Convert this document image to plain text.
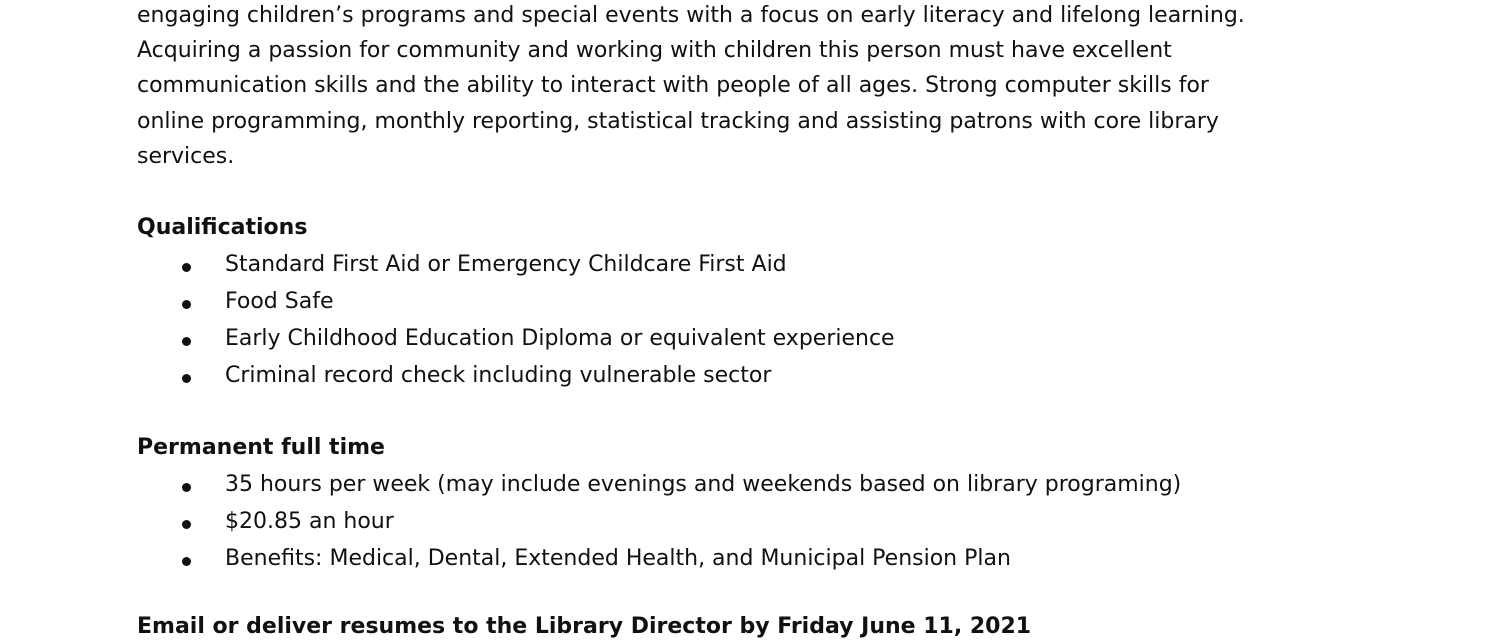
engaging children’s programs and special events with a focus on early literacy and lifelong learning.
Acquiring a passion for community and working with children this person must have excellent
communication skills and the ability to interact with people of all ages. Strong computer skills for
online programming, monthly reporting, statistical tracking and assisting patrons with core library
services.
Qualifications
Standard First Aid or Emergency Childcare First Aid
Food Safe
Early Childhood Education Diploma or equivalent experience
Criminal record check including vulnerable sector
Permanent full time
35 hours per week (may include evenings and weekends based on library programing)
$20.85 an hour
Benefits: Medical, Dental, Extended Health, and Municipal Pension Plan
Email or deliver resumes to the Library Director by Friday June 11, 2021
